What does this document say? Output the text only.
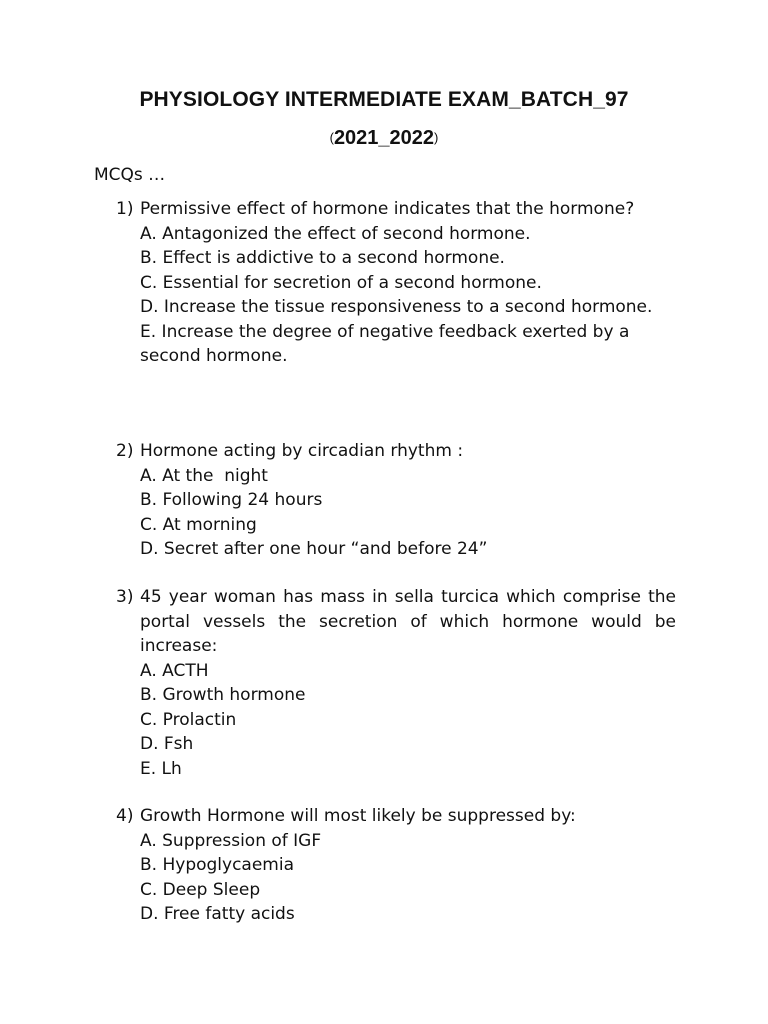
PHYSIOLOGY INTERMEDIATE EXAM_BATCH_97
(2021_2022)
MCQs …
1) Permissive effect of hormone indicates that the hormone?
A. Antagonized the effect of second hormone.
B. Effect is addictive to a second hormone.
C. Essential for secretion of a second hormone.
D. Increase the tissue responsiveness to a second hormone.
E. Increase the degree of negative feedback exerted by a second hormone.
2) Hormone acting by circadian rhythm :
A. At the  night
B. Following 24 hours
C. At morning
D. Secret after one hour “and before 24”
3) 45 year woman has mass in sella turcica which comprise the portal vessels the secretion of which hormone would be increase:
A. ACTH
B. Growth hormone
C. Prolactin
D. Fsh
E. Lh
4) Growth Hormone will most likely be suppressed by:
A. Suppression of IGF
B. Hypoglycaemia
C. Deep Sleep
D. Free fatty acids
